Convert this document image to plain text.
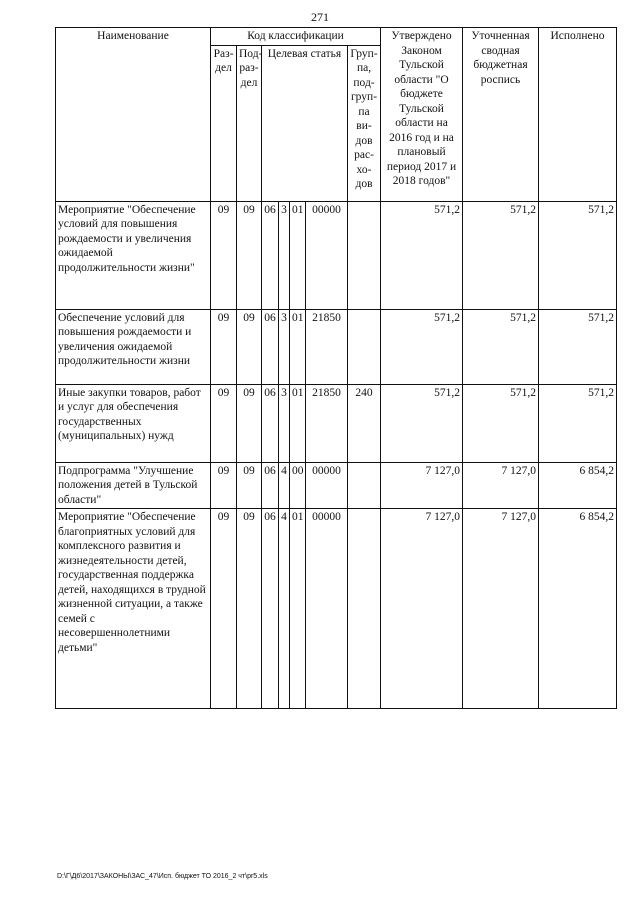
271
Наименование	Код классификации							Утверждено Законом Тульской области "О бюджете Тульской области на 2016 год и на плановый период 2017 и 2018 годов"	Уточненная сводная бюджетная роспись	Исполнено
	Раз-дел	Под-раз-дел	Целевая статья				Груп-па, под-груп-па ви-дов рас-хо-дов			
Мероприятие "Обеспечение условий для повышения рождаемости и увеличения ожидаемой продолжительности жизни"	09	09	06	3	01	00000		571,2	571,2	571,2
Обеспечение условий для повышения рождаемости и увеличения ожидаемой продолжительности жизни	09	09	06	3	01	21850		571,2	571,2	571,2
Иные закупки товаров, работ и услуг для обеспечения государственных (муниципальных) нужд	09	09	06	3	01	21850	240	571,2	571,2	571,2
Подпрограмма "Улучшение положения детей в Тульской области"	09	09	06	4	00	00000		7 127,0	7 127,0	6 854,2
Мероприятие "Обеспечение благоприятных условий для комплексного развития и жизнедеятельности детей, государственная поддержка детей, находящихся в трудной жизненной ситуации, а также семей с несовершеннолетними детьми"	09	09	06	4	01	00000		7 127,0	7 127,0	6 854,2
D:\Г\Д6\2017\ЗАКОНЫ\ЗАС_47\Исп. бюджет ТО 2016_2 чт\pr5.xls
